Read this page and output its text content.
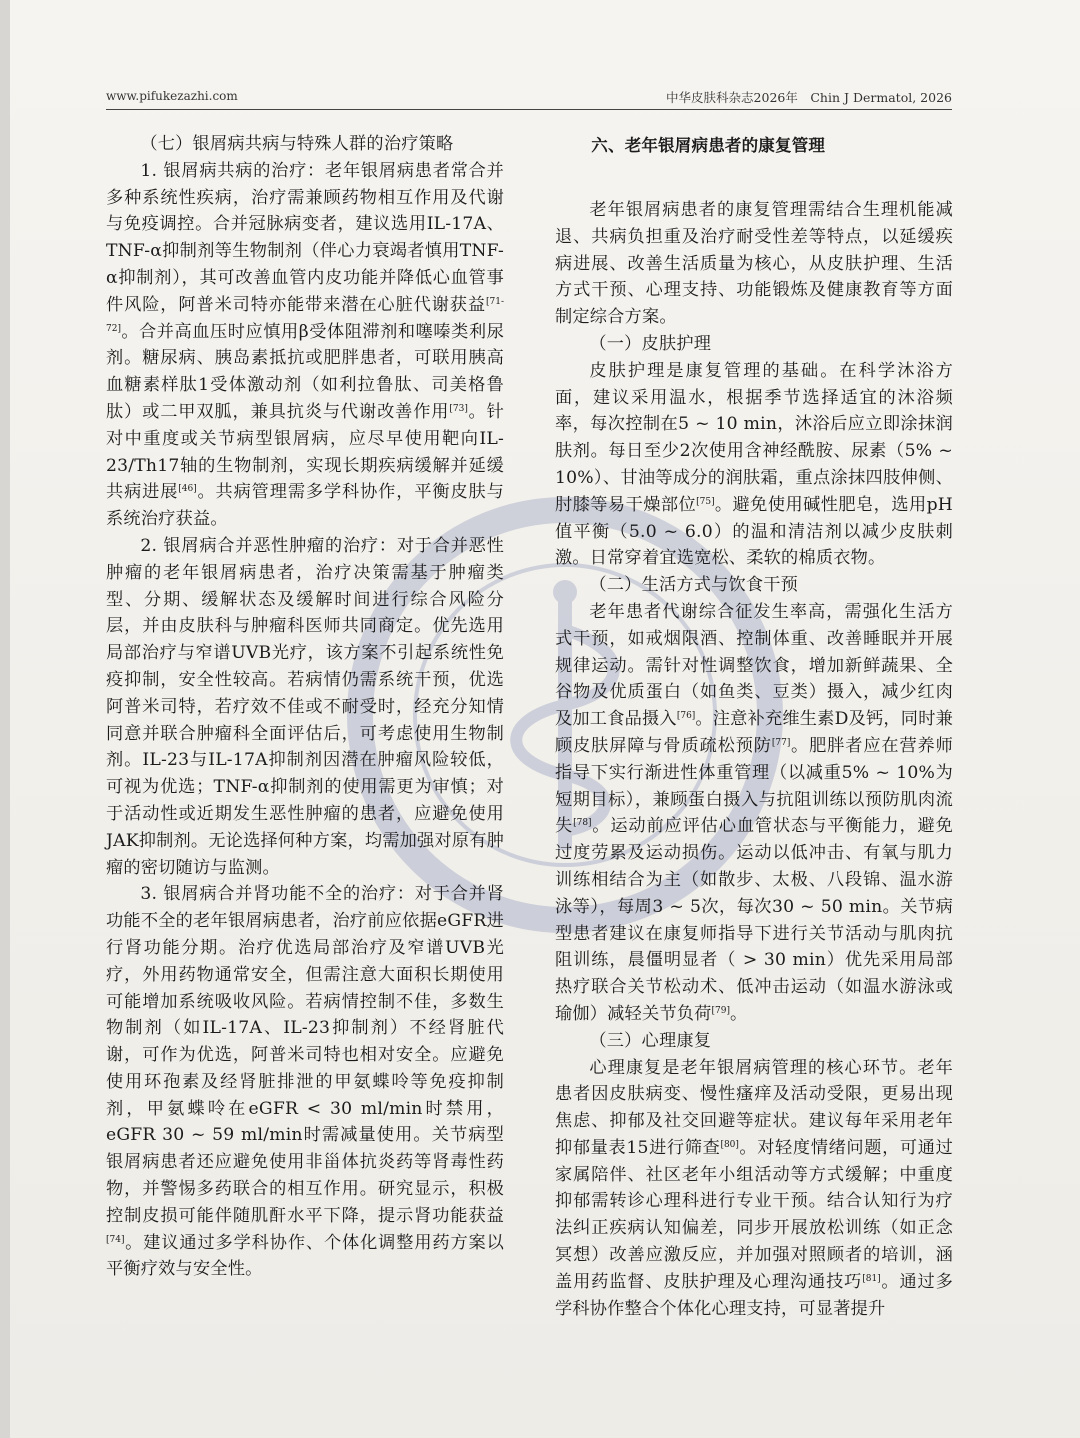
www.pifukezazhi.com	中华皮肤科杂志2026年　Chin J Dermatol, 2026
（七）银屑病共病与特殊人群的治疗策略

1. 银屑病共病的治疗：老年银屑病患者常合并多种系统性疾病，治疗需兼顾药物相互作用及代谢与免疫调控。合并冠脉病变者，建议选用IL-17A、TNF-α抑制剂等生物制剂（伴心力衰竭者慎用TNF-α抑制剂），其可改善血管内皮功能并降低心血管事件风险，阿普米司特亦能带来潜在心脏代谢获益[71-72]。合并高血压时应慎用β受体阻滞剂和噻嗪类利尿剂。糖尿病、胰岛素抵抗或肥胖患者，可联用胰高血糖素样肽1受体激动剂（如利拉鲁肽、司美格鲁肽）或二甲双胍，兼具抗炎与代谢改善作用[73]。针对中重度或关节病型银屑病，应尽早使用靶向IL-23/Th17轴的生物制剂，实现长期疾病缓解并延缓共病进展[46]。共病管理需多学科协作，平衡皮肤与系统治疗获益。

2. 银屑病合并恶性肿瘤的治疗：对于合并恶性肿瘤的老年银屑病患者，治疗决策需基于肿瘤类型、分期、缓解状态及缓解时间进行综合风险分层，并由皮肤科与肿瘤科医师共同商定。优先选用局部治疗与窄谱UVB光疗，该方案不引起系统性免疫抑制，安全性较高。若病情仍需系统干预，优选阿普米司特，若疗效不佳或不耐受时，经充分知情同意并联合肿瘤科全面评估后，可考虑使用生物制剂。IL-23与IL-17A抑制剂因潜在肿瘤风险较低，可视为优选；TNF-α抑制剂的使用需更为审慎；对于活动性或近期发生恶性肿瘤的患者，应避免使用JAK抑制剂。无论选择何种方案，均需加强对原有肿瘤的密切随访与监测。

3. 银屑病合并肾功能不全的治疗：对于合并肾功能不全的老年银屑病患者，治疗前应依据eGFR进行肾功能分期。治疗优选局部治疗及窄谱UVB光疗，外用药物通常安全，但需注意大面积长期使用可能增加系统吸收风险。若病情控制不佳，多数生物制剂（如IL-17A、IL-23抑制剂）不经肾脏代谢，可作为优选，阿普米司特也相对安全。应避免使用环孢素及经肾脏排泄的甲氨蝶呤等免疫抑制剂，甲氨蝶呤在eGFR < 30 ml/min时禁用，eGFR 30 ~ 59 ml/min时需减量使用。关节病型银屑病患者还应避免使用非甾体抗炎药等肾毒性药物，并警惕多药联合的相互作用。研究显示，积极控制皮损可能伴随肌酐水平下降，提示肾功能获益[74]。建议通过多学科协作、个体化调整用药方案以平衡疗效与安全性。

六、老年银屑病患者的康复管理

老年银屑病患者的康复管理需结合生理机能减退、共病负担重及治疗耐受性差等特点，以延缓疾病进展、改善生活质量为核心，从皮肤护理、生活方式干预、心理支持、功能锻炼及健康教育等方面制定综合方案。

（一）皮肤护理

皮肤护理是康复管理的基础。在科学沐浴方面，建议采用温水，根据季节选择适宜的沐浴频率，每次控制在5 ~ 10 min，沐浴后应立即涂抹润肤剂。每日至少2次使用含神经酰胺、尿素（5% ~ 10%）、甘油等成分的润肤霜，重点涂抹四肢伸侧、肘膝等易干燥部位[75]。避免使用碱性肥皂，选用pH值平衡（5.0 ~ 6.0）的温和清洁剂以减少皮肤刺激。日常穿着宜选宽松、柔软的棉质衣物。

（二）生活方式与饮食干预

老年患者代谢综合征发生率高，需强化生活方式干预，如戒烟限酒、控制体重、改善睡眠并开展规律运动。需针对性调整饮食，增加新鲜蔬果、全谷物及优质蛋白（如鱼类、豆类）摄入，减少红肉及加工食品摄入[76]。注意补充维生素D及钙，同时兼顾皮肤屏障与骨质疏松预防[77]。肥胖者应在营养师指导下实行渐进性体重管理（以减重5% ~ 10%为短期目标），兼顾蛋白摄入与抗阻训练以预防肌肉流失[78]。运动前应评估心血管状态与平衡能力，避免过度劳累及运动损伤。运动以低冲击、有氧与肌力训练相结合为主（如散步、太极、八段锦、温水游泳等），每周3 ~ 5次，每次30 ~ 50 min。关节病型患者建议在康复师指导下进行关节活动与肌肉抗阻训练，晨僵明显者（ > 30 min）优先采用局部热疗联合关节松动术、低冲击运动（如温水游泳或瑜伽）减轻关节负荷[79]。

（三）心理康复

心理康复是老年银屑病管理的核心环节。老年患者因皮肤病变、慢性瘙痒及活动受限，更易出现焦虑、抑郁及社交回避等症状。建议每年采用老年抑郁量表15进行筛查[80]。对轻度情绪问题，可通过家属陪伴、社区老年小组活动等方式缓解；中重度抑郁需转诊心理科进行专业干预。结合认知行为疗法纠正疾病认知偏差，同步开展放松训练（如正念冥想）改善应激反应，并加强对照顾者的培训，涵盖用药监督、皮肤护理及心理沟通技巧[81]。通过多学科协作整合个体化心理支持，可显著提升
